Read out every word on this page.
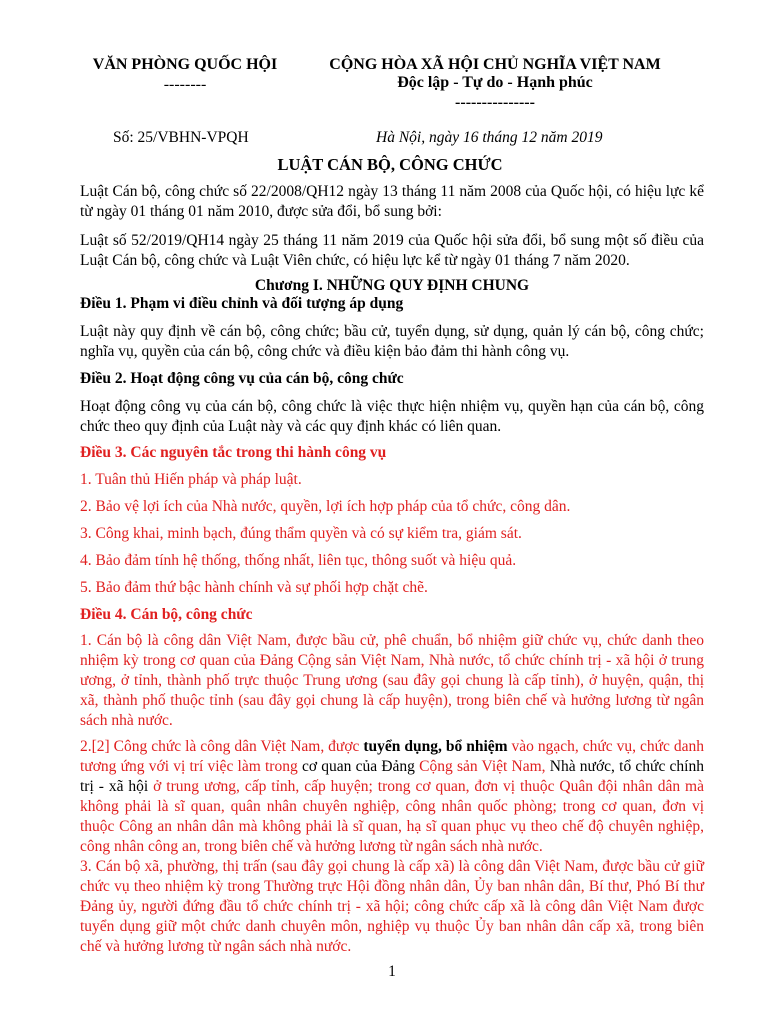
VĂN PHÒNG QUỐC HỘI
--------
CỘNG HÒA XÃ HỘI CHỦ NGHĨA VIỆT NAM
Độc lập - Tự do - Hạnh phúc
---------------
Số: 25/VBHN-VPQH	Hà Nội, ngày 16 tháng 12 năm 2019
LUẬT CÁN BỘ, CÔNG CHỨC
Luật Cán bộ, công chức số 22/2008/QH12 ngày 13 tháng 11 năm 2008 của Quốc hội, có hiệu lực kể từ ngày 01 tháng 01 năm 2010, được sửa đổi, bổ sung bởi:
Luật số 52/2019/QH14 ngày 25 tháng 11 năm 2019 của Quốc hội sửa đổi, bổ sung một số điều của Luật Cán bộ, công chức và Luật Viên chức, có hiệu lực kể từ ngày 01 tháng 7 năm 2020.
Chương I. NHỮNG QUY ĐỊNH CHUNG
Điều 1. Phạm vi điều chỉnh và đối tượng áp dụng
Luật này quy định về cán bộ, công chức; bầu cử, tuyển dụng, sử dụng, quản lý cán bộ, công chức; nghĩa vụ, quyền của cán bộ, công chức và điều kiện bảo đảm thi hành công vụ.
Điều 2. Hoạt động công vụ của cán bộ, công chức
Hoạt động công vụ của cán bộ, công chức là việc thực hiện nhiệm vụ, quyền hạn của cán bộ, công chức theo quy định của Luật này và các quy định khác có liên quan.
Điều 3. Các nguyên tắc trong thi hành công vụ
1. Tuân thủ Hiến pháp và pháp luật.
2. Bảo vệ lợi ích của Nhà nước, quyền, lợi ích hợp pháp của tổ chức, công dân.
3. Công khai, minh bạch, đúng thẩm quyền và có sự kiểm tra, giám sát.
4. Bảo đảm tính hệ thống, thống nhất, liên tục, thông suốt và hiệu quả.
5. Bảo đảm thứ bậc hành chính và sự phối hợp chặt chẽ.
Điều 4. Cán bộ, công chức
1. Cán bộ là công dân Việt Nam, được bầu cử, phê chuẩn, bổ nhiệm giữ chức vụ, chức danh theo nhiệm kỳ trong cơ quan của Đảng Cộng sản Việt Nam, Nhà nước, tổ chức chính trị - xã hội ở trung ương, ở tỉnh, thành phố trực thuộc Trung ương (sau đây gọi chung là cấp tỉnh), ở huyện, quận, thị xã, thành phố thuộc tỉnh (sau đây gọi chung là cấp huyện), trong biên chế và hưởng lương từ ngân sách nhà nước.
2.[2] Công chức là công dân Việt Nam, được tuyển dụng, bổ nhiệm vào ngạch, chức vụ, chức danh tương ứng với vị trí việc làm trong cơ quan của Đảng Cộng sản Việt Nam, Nhà nước, tổ chức chính trị - xã hội ở trung ương, cấp tỉnh, cấp huyện; trong cơ quan, đơn vị thuộc Quân đội nhân dân mà không phải là sĩ quan, quân nhân chuyên nghiệp, công nhân quốc phòng; trong cơ quan, đơn vị thuộc Công an nhân dân mà không phải là sĩ quan, hạ sĩ quan phục vụ theo chế độ chuyên nghiệp, công nhân công an, trong biên chế và hưởng lương từ ngân sách nhà nước.
3. Cán bộ xã, phường, thị trấn (sau đây gọi chung là cấp xã) là công dân Việt Nam, được bầu cử giữ chức vụ theo nhiệm kỳ trong Thường trực Hội đồng nhân dân, Ủy ban nhân dân, Bí thư, Phó Bí thư Đảng ủy, người đứng đầu tổ chức chính trị - xã hội; công chức cấp xã là công dân Việt Nam được tuyển dụng giữ một chức danh chuyên môn, nghiệp vụ thuộc Ủy ban nhân dân cấp xã, trong biên chế và hưởng lương từ ngân sách nhà nước.
1
